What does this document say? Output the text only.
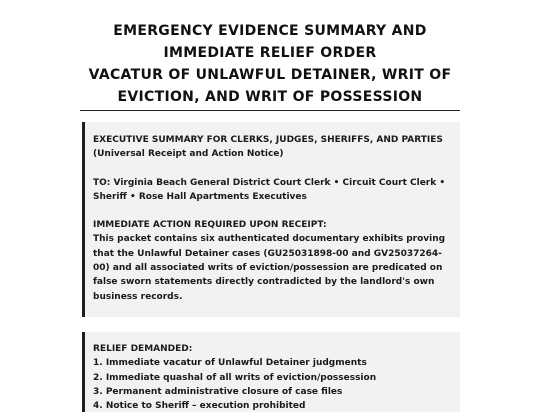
EMERGENCY EVIDENCE SUMMARY AND
IMMEDIATE RELIEF ORDER
VACATUR OF UNLAWFUL DETAINER, WRIT OF
EVICTION, AND WRIT OF POSSESSION

EXECUTIVE SUMMARY FOR CLERKS, JUDGES, SHERIFFS, AND PARTIES

(Universal Receipt and Action Notice)

TO: Virginia Beach General District Court Clerk • Circuit Court Clerk • Sheriff • Rose Hall Apartments Executives

IMMEDIATE ACTION REQUIRED UPON RECEIPT:

This packet contains six authenticated documentary exhibits proving that the Unlawful Detainer cases (GU25031898-00 and GV25037264-00) and all associated writs of eviction/possession are predicated on false sworn statements directly contradicted by the landlord's own business records.

RELIEF DEMANDED:

1. Immediate vacatur of Unlawful Detainer judgments

2. Immediate quashal of all writs of eviction/possession

3. Permanent administrative closure of case files

4. Notice to Sheriff – execution prohibited
